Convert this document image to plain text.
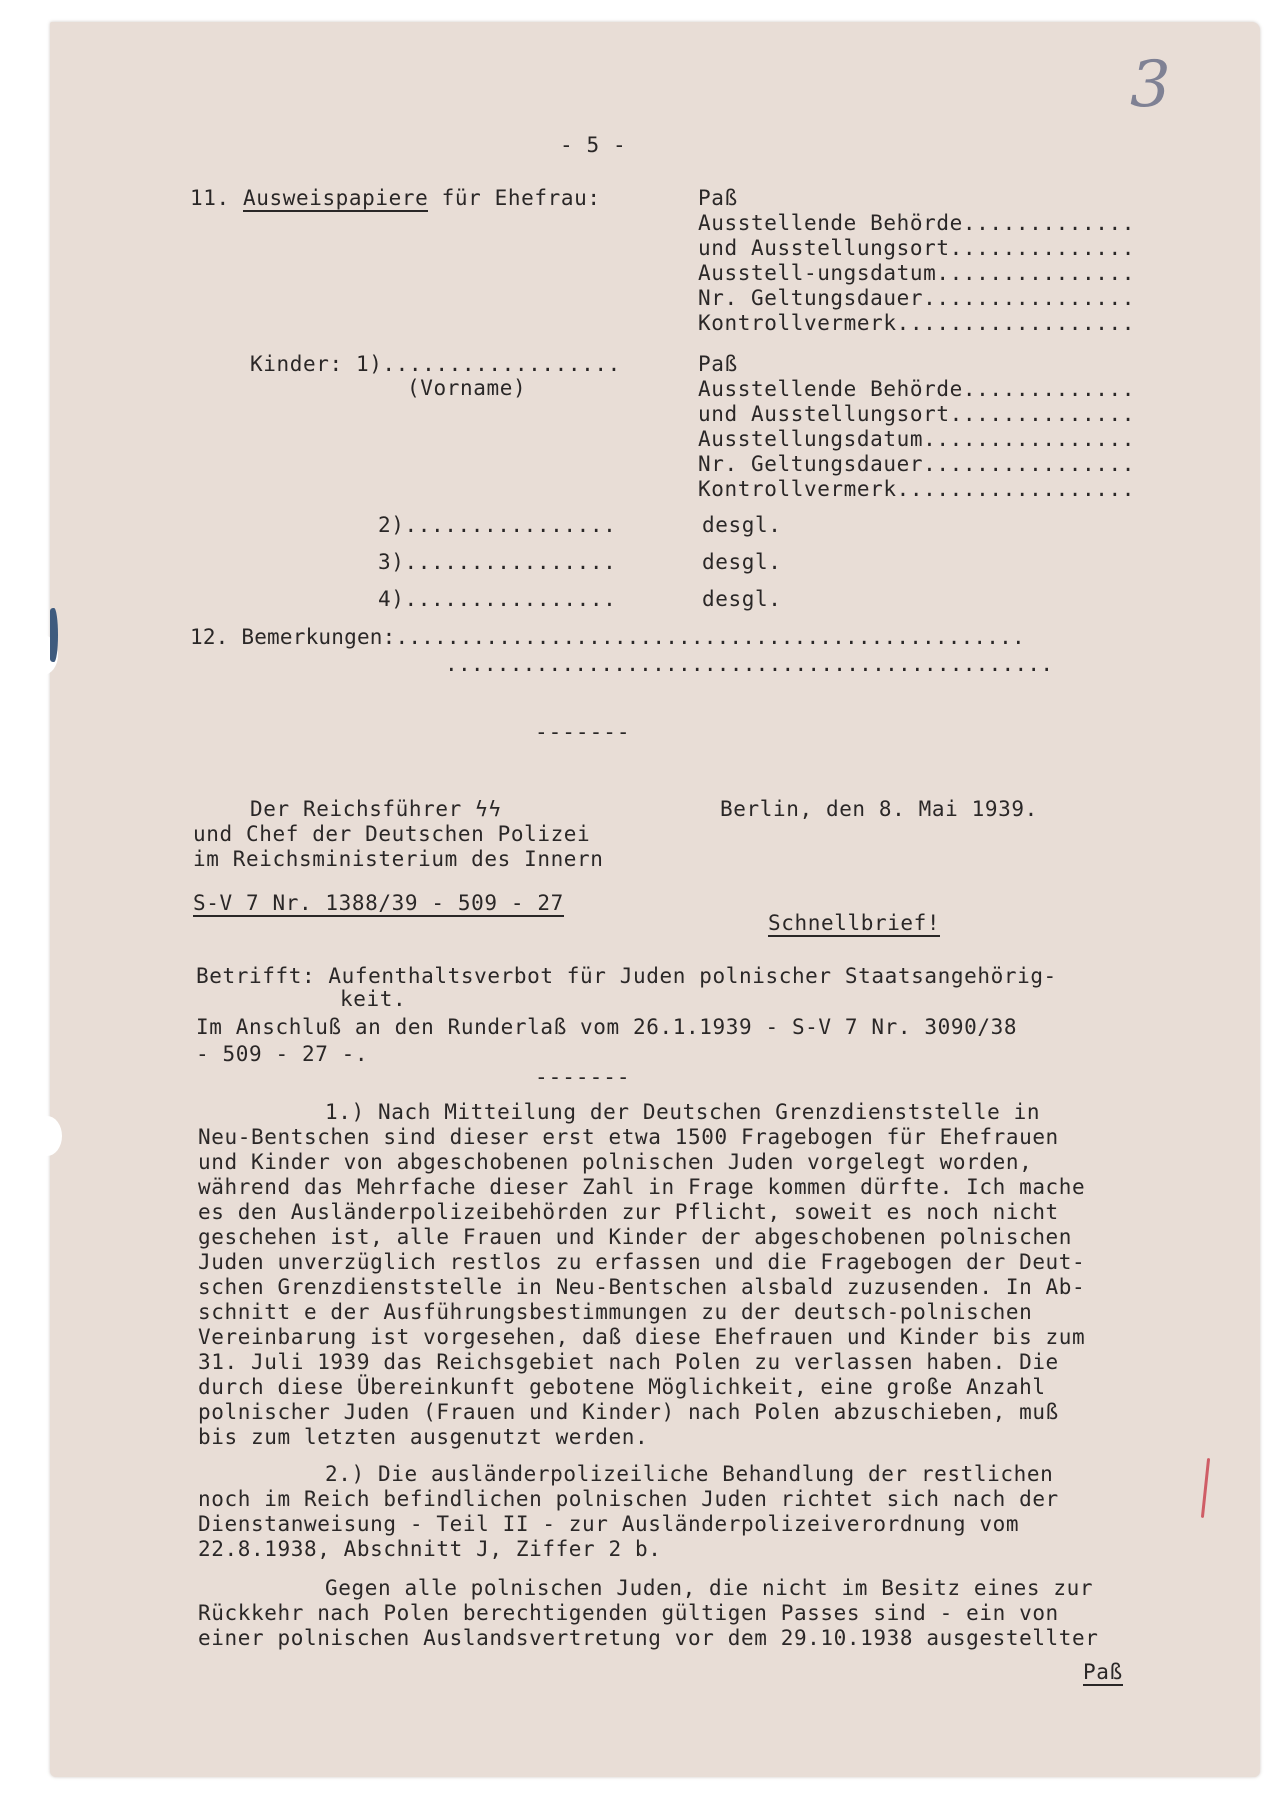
3
- 5 -
11. Ausweispapiere für Ehefrau:	Paß
Ausstellende Behörde.............
und Ausstellungsort..............
Ausstell-ungsdatum...............
Nr. Geltungsdauer................
Kontrollvermerk..................
Kinder: 1)..................
(Vorname)
Paß
Ausstellende Behörde.............
und Ausstellungsort..............
Ausstellungsdatum................
Nr. Geltungsdauer................
Kontrollvermerk..................
2)................	desgl.
3)................	desgl.
4)................	desgl.
12. Bemerkungen:.................................................
...............................................
-------
Der Reichsführer ϟϟ
und Chef der Deutschen Polizei
im Reichsministerium des Innern
S-V 7 Nr. 1388/39 - 509 - 27
Berlin, den 8. Mai 1939.
Schnellbrief!
Betrifft: Aufenthaltsverbot für Juden polnischer Staatsangehörig-
keit.
Im Anschluß an den Runderlaß vom 26.1.1939 - S-V 7 Nr. 3090/38
- 509 - 27 -.
-------
1.) Nach Mitteilung der Deutschen Grenzdienststelle in
Neu-Bentschen sind dieser erst etwa 1500 Fragebogen für Ehefrauen
und Kinder von abgeschobenen polnischen Juden vorgelegt worden,
während das Mehrfache dieser Zahl in Frage kommen dürfte. Ich mache
es den Ausländerpolizeibehörden zur Pflicht, soweit es noch nicht
geschehen ist, alle Frauen und Kinder der abgeschobenen polnischen
Juden unverzüglich restlos zu erfassen und die Fragebogen der Deut-
schen Grenzdienststelle in Neu-Bentschen alsbald zuzusenden. In Ab-
schnitt e der Ausführungsbestimmungen zu der deutsch-polnischen
Vereinbarung ist vorgesehen, daß diese Ehefrauen und Kinder bis zum
31. Juli 1939 das Reichsgebiet nach Polen zu verlassen haben. Die
durch diese Übereinkunft gebotene Möglichkeit, eine große Anzahl
polnischer Juden (Frauen und Kinder) nach Polen abzuschieben, muß
bis zum letzten ausgenutzt werden.
2.) Die ausländerpolizeiliche Behandlung der restlichen
noch im Reich befindlichen polnischen Juden richtet sich nach der
Dienstanweisung - Teil II - zur Ausländerpolizeiverordnung vom
22.8.1938, Abschnitt J, Ziffer 2 b.
Gegen alle polnischen Juden, die nicht im Besitz eines zur
Rückkehr nach Polen berechtigenden gültigen Passes sind - ein von
einer polnischen Auslandsvertretung vor dem 29.10.1938 ausgestellter
Paß
